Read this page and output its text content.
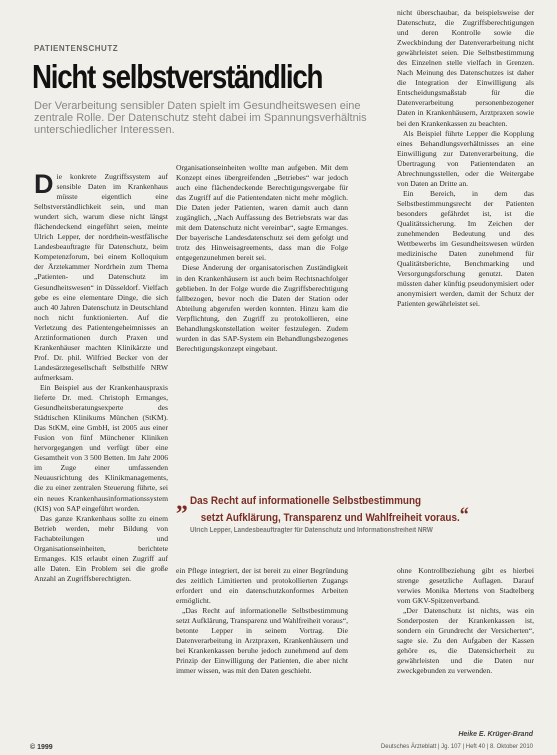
PATIENTENSCHUTZ
Nicht selbstverständlich
Der Verarbeitung sensibler Daten spielt im Gesundheitswesen eine zentrale Rolle. Der Datenschutz steht dabei im Spannungsverhältnis unterschiedlicher Interessen.

Die konkrete Zugriffssystem auf sensible Daten im Krankenhaus müsste eigentlich eine Selbstverständlichkeit sein, und man wundert sich, warum diese nicht längst flächendeckend eingeführt seien, meinte Ulrich Lepper, der nordrhein-westfälische Landesbeauftragte für Datenschutz, beim Kompetenzforum, bei einem Kolloquium der Ärztekammer Nordrhein zum Thema „Patienten- und Datenschutz im Gesundheitswesen“ in Düsseldorf. Vielfach gebe es eine elementare Dinge, die sich auch 40 Jahren Datenschutz in Deutschland noch nicht funktionierten. Auf die Verletzung des Patientengeheimnisses an Arztinformationen durch Praxen und Krankenhäuser machten Klinikärzte und Prof. Dr. phil. Wilfried Becker von der Landesärztegesellschaft Selbsthilfe NRW aufmerksam.

Ein Beispiel aus der Krankenhauspraxis lieferte Dr. med. Christoph Ermanges, Gesundheitsberatungsexperte des Städtischen Klinikums München (StKM). Das StKM, eine GmbH, ist 2005 aus einer Fusion von fünf Münchener Kliniken hervorgegangen und verfügt über eine Gesamtheit von 3 500 Betten. Im Jahr 2006 im Zuge einer umfassenden Neuausrichtung des Klinikmanagements, die zu einer zentralen Steuerung führte, sei ein neues Krankenhausinformationssystem (KIS) von SAP eingeführt worden.

Das ganze Krankenhaus sollte zu einem Betrieb werden, mehr Bildung von Fachabteilungen und Organisationseinheiten, berichtete Ermanges. KIS erlaubt einen Zugriff auf alle Daten. Ein Problem sei die große Anzahl an Zugriffsberechtigten.

Organisationseinheiten wollte man aufgeben. Mit dem Konzept eines übergreifenden „Betriebes“ war jedoch auch eine flächendeckende Berechtigungsvergabe für das Zugriff auf die Patientendaten nicht mehr möglich. Die Daten jeder Patienten, waren damit auch dann zugänglich, „Nach Auffassung des Betriebsrats war das mit dem Datenschutz nicht vereinbar“, sagte Ermanges. Der bayerische Landesdatenschutz sei dem gefolgt und trotz des Hinweisagreements, dass man die Folge entgegenzunehmen bereit sei.

Diese Änderung der organisatorischen Zuständigkeit in den Krankenhäusern ist auch beim Rechtsnachfolger geblieben. In der Folge wurde die Zugriffsberechtigung fallbezogen, bevor noch die Daten der Station oder Abteilung abgerufen werden konnten. Hinzu kam die Verpflichtung, den Zugriff zu protokollieren, eine Behandlungskonstellation weiter festzulegen. Zudem wurden in das SAP-System ein Behandlungsbezogenes Berechtigungskonzept eingebaut.

nicht überschaubar, da beispielsweise der Datenschutz, die Zugriffsberechtigungen und deren Kontrolle sowie die Zweckbindung der Datenverarbeitung nicht gewährleistet seien. Die Selbstbestimmung des Einzelnen stelle vielfach in Grenzen. Nach Meinung des Datenschutzes ist daher die Integration der Einwilligung als Entscheidungsmaßstab für die Datenverarbeitung personenbezogener Daten in Krankenhäusern, Arztpraxen sowie bei den Krankenkassen zu beachten.

Als Beispiel führte Lepper die Kopplung eines Behandlungsverhältnisses an eine Einwilligung zur Datenverarbeitung, die Übertragung von Patientendaten an Abrechnungsstellen, oder die Weitergabe von Daten an Dritte an.

Ein Bereich, in dem das Selbstbestimmungsrecht der Patienten besonders gefährdet ist, ist die Qualitätssicherung. Im Zeichen der zunehmenden Bedeutung und des Wettbewerbs im Gesundheitswesen würden medizinische Daten zunehmend für Qualitätsberichte, Benchmarking und Versorgungsforschung genutzt. Daten müssten daher künftig pseudonymisiert oder anonymisiert werden, damit der Schutz der Patienten gewährleistet sei.

„ Das Recht auf informationelle Selbstbestimmung
setzt Aufklärung, Transparenz und Wahlfreiheit voraus.“
Ulrich Lepper, Landesbeauftragter für Datenschutz und Informationsfreiheit NRW

ein Pflege integriert, der ist bereit zu einer Begründung des zeitlich Limitierten und protokollierten Zugangs erfordert und ein datenschutzkonformes Arbeiten ermöglicht.

„Das Recht auf informationelle Selbstbestimmung setzt Aufklärung, Transparenz und Wahlfreiheit voraus“, betonte Lepper in seinem Vortrag. Die Datenverarbeitung in Arztpraxen, Krankenhäusern und bei Krankenkassen beruhe jedoch zunehmend auf dem Prinzip der Einwilligung der Patienten, die aber nicht immer wissen, was mit den Daten geschieht.

ohne Kontrollbeziehung gibt es hierbei strenge gesetzliche Auflagen. Darauf verwies Monika Mertens von Stadtelberg vom GKV-Spitzenverband.

„Der Datenschutz ist nichts, was ein Sonderposten der Krankenkassen ist, sondern ein Grundrecht der Versicherten“, sagte sie. Zu den Aufgaben der Kassen gehöre es, die Datensicherheit zu gewährleisten und die Daten nur zweckgebunden zu verwenden.

Heike E. Krüger-Brand
© 1999	Deutsches Ärzteblatt | Jg. 107 | Heft 40 | 8. Oktober 2010
